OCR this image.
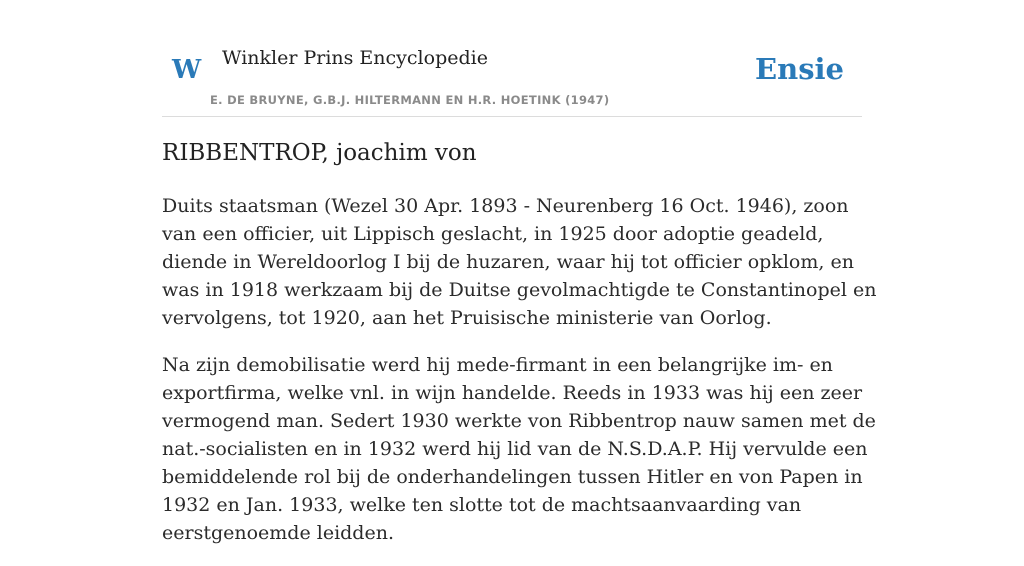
W Winkler Prins Encyclopedie
E. DE BRUYNE, G.B.J. HILTERMANN EN H.R. HOETINK (1947)
Ensie
RIBBENTROP, joachim von

Duits staatsman (Wezel 30 Apr. 1893 - Neurenberg 16 Oct. 1946), zoon van een officier, uit Lippisch geslacht, in 1925 door adoptie geadeld, diende in Wereldoorlog I bij de huzaren, waar hij tot officier opklom, en was in 1918 werkzaam bij de Duitse gevolmachtigde te Constantinopel en vervolgens, tot 1920, aan het Pruisische ministerie van Oorlog.

Na zijn demobilisatie werd hij mede-firmant in een belangrijke im- en exportfirma, welke vnl. in wijn handelde. Reeds in 1933 was hij een zeer vermogend man. Sedert 1930 werkte von Ribbentrop nauw samen met de nat.-socialisten en in 1932 werd hij lid van de N.S.D.A.P. Hij vervulde een bemiddelende rol bij de onderhandelingen tussen Hitler en von Papen in 1932 en Jan. 1933, welke ten slotte tot de machtsaanvaarding van eerstgenoemde leidden.
